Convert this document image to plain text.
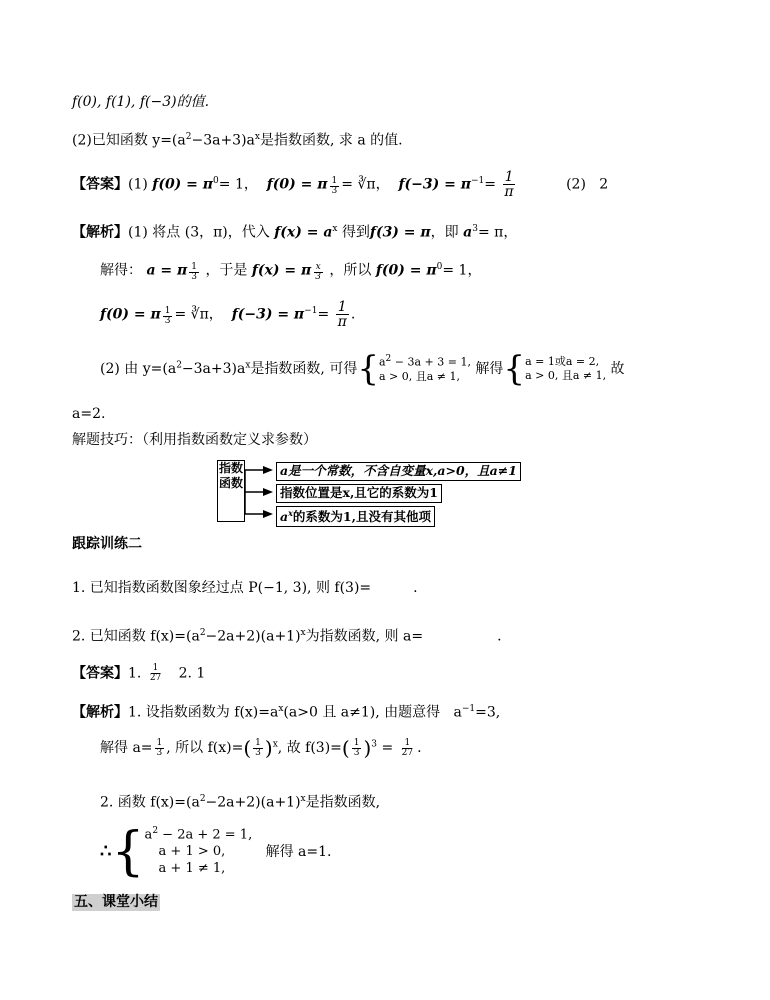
f(0), f(1), f(−3)的值.
(2)已知函数 $y=(a^2-3a+3)a^x$是指数函数, 求 a 的值.
【答案】(1) $f(0) = \pi^0= 1$， f(0) = π $\frac{1}{3}$ = ∛π， $f(-3) = \pi^{-1}= \frac{1}{\pi}$	(2) 2
【解析】(1) 将点 (3，π)，代入 $f(x) = a^x$ 得到f(3) = π，即 $a^3= \pi$，
解得： a = π $\frac{1}{3}$ ，于是 f(x) = π $\frac{x}{3}$ ，所以 $f(0) = \pi^0= 1$，
f(0) = π $\frac{1}{3}$ = ∛π， $f(-3) = \pi^{-1}= \frac{1}{\pi}$ .
(2) 由 $y=(a^2-3a+3)a^x$是指数函数, 可得{ $a^2 - 3a + 3 = 1$,
a > 0, 且a ≠ 1,	解得{ a = 1或a = 2,
a > 0, 且a ≠ 1, 故
a=2.
解题技巧：（利用指数函数定义求参数）
指数函数
a是一个常数，不含自变量x,a>0，且a≠1
指数位置是x,且它的系数为1
$a^x$的系数为1,且没有其他项
跟踪训练二
1. 已知指数函数图象经过点 P(−1, 3), 则 f(3)=	.
2. 已知函数 $f(x)=(a^2-2a+2)(a+1)^x$为指数函数, 则 a=	.
【答案】1. $\frac{1}{27} 2$. 1
【解析】1. 设指数函数为 $f(x)=a^x(a>0$ 且 a≠1), 由题意得 $a^{-1}=3$,
解得 $a= \frac{1}{3}$ , 所以 $f(x)=( \frac{1}{3} )^x$, 故 $f(3)=( \frac{1}{3} )^3 = \frac{1}{27}$ .
2. 函数 $f(x)=(a^2-2a+2)(a+1)^x$是指数函数,
∴{ $a^2 - 2a + 2 = 1$,
a + 1 > 0,
a + 1 ≠ 1,
解得 a=1.
五、课堂小结
